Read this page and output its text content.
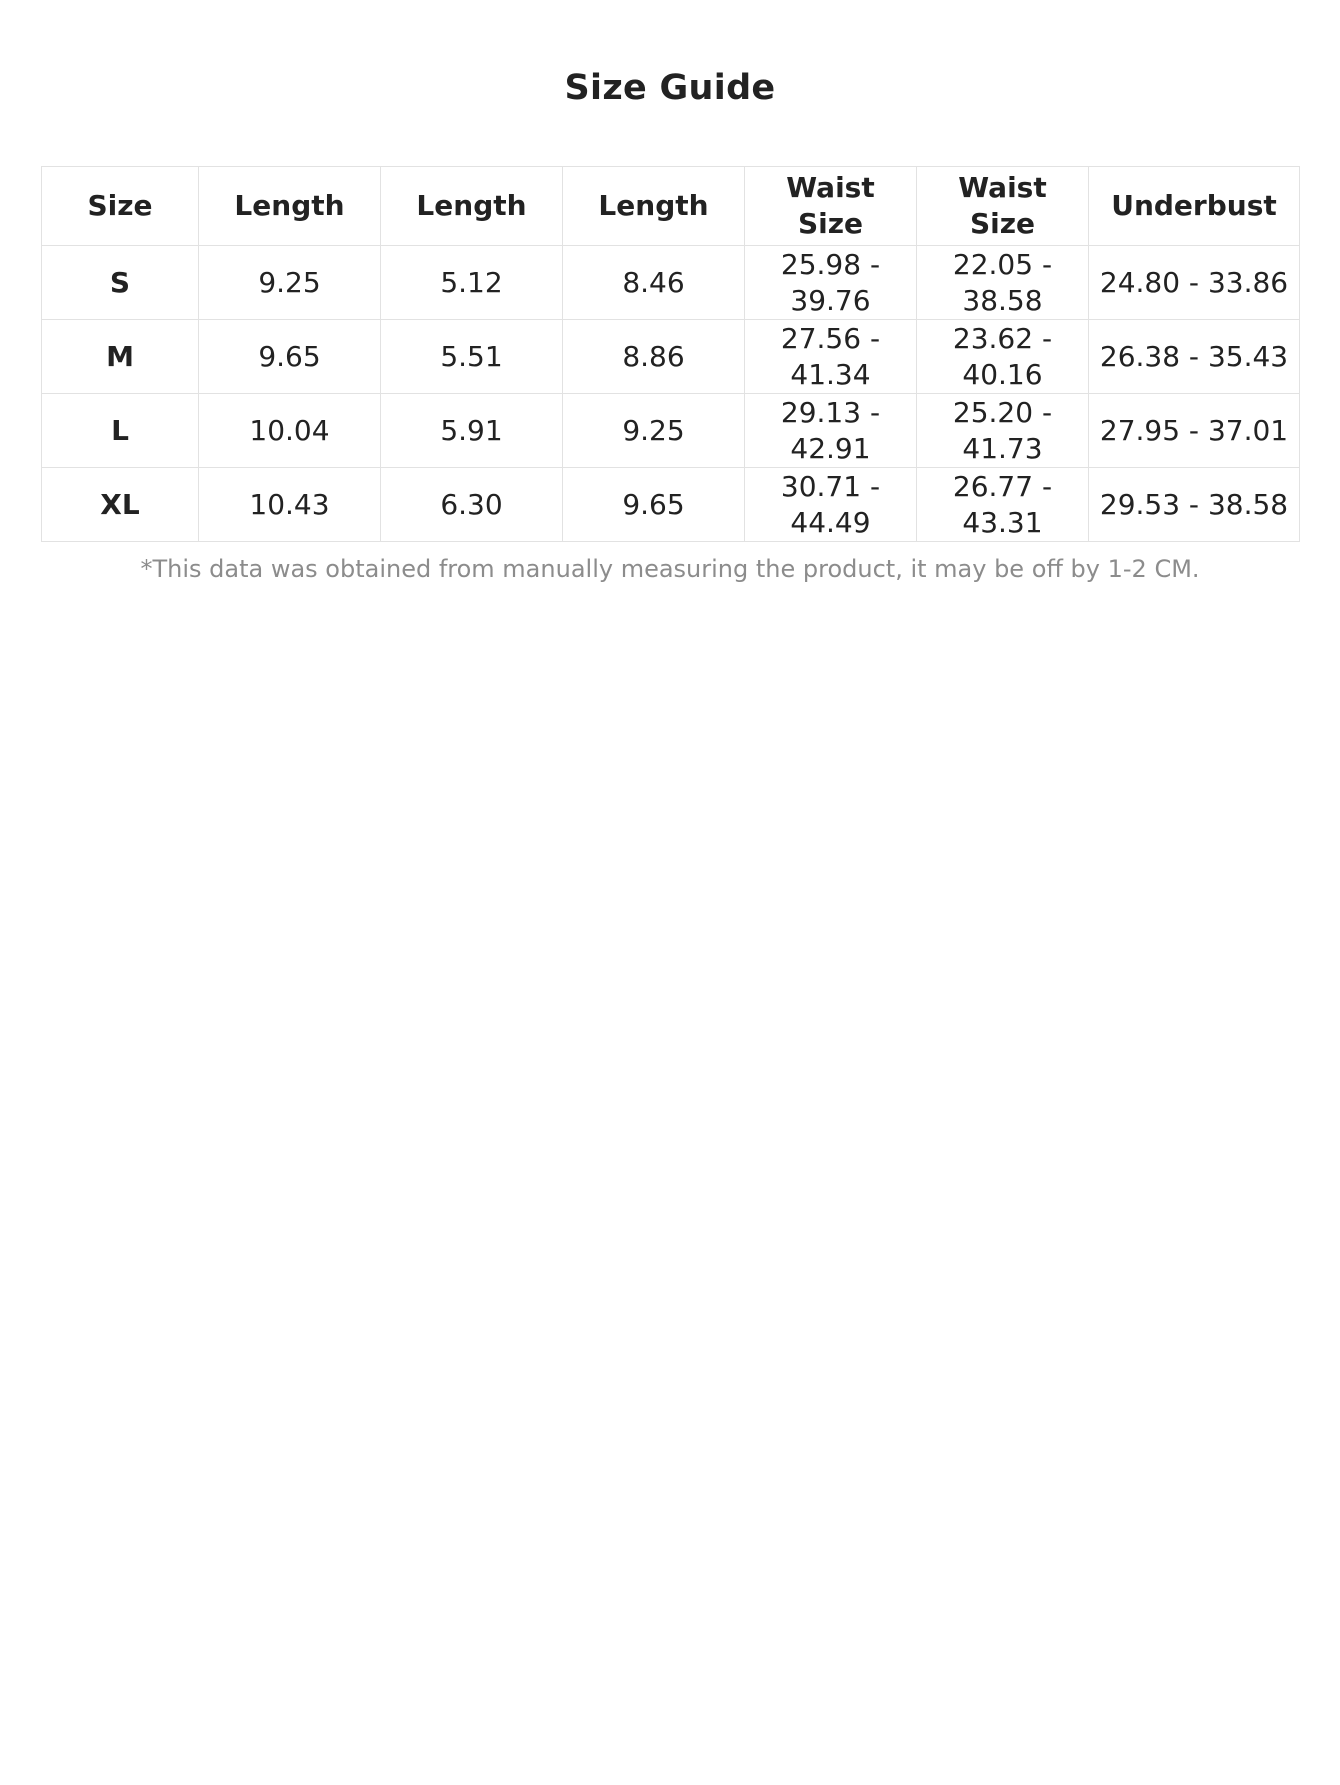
Size Guide
Size	Length	Length	Length	Waist Size	Waist Size	Underbust
S	9.25	5.12	8.46	25.98 - 39.76	22.05 - 38.58	24.80 - 33.86
M	9.65	5.51	8.86	27.56 - 41.34	23.62 - 40.16	26.38 - 35.43
L	10.04	5.91	9.25	29.13 - 42.91	25.20 - 41.73	27.95 - 37.01
XL	10.43	6.30	9.65	30.71 - 44.49	26.77 - 43.31	29.53 - 38.58
*This data was obtained from manually measuring the product, it may be off by 1-2 CM.
